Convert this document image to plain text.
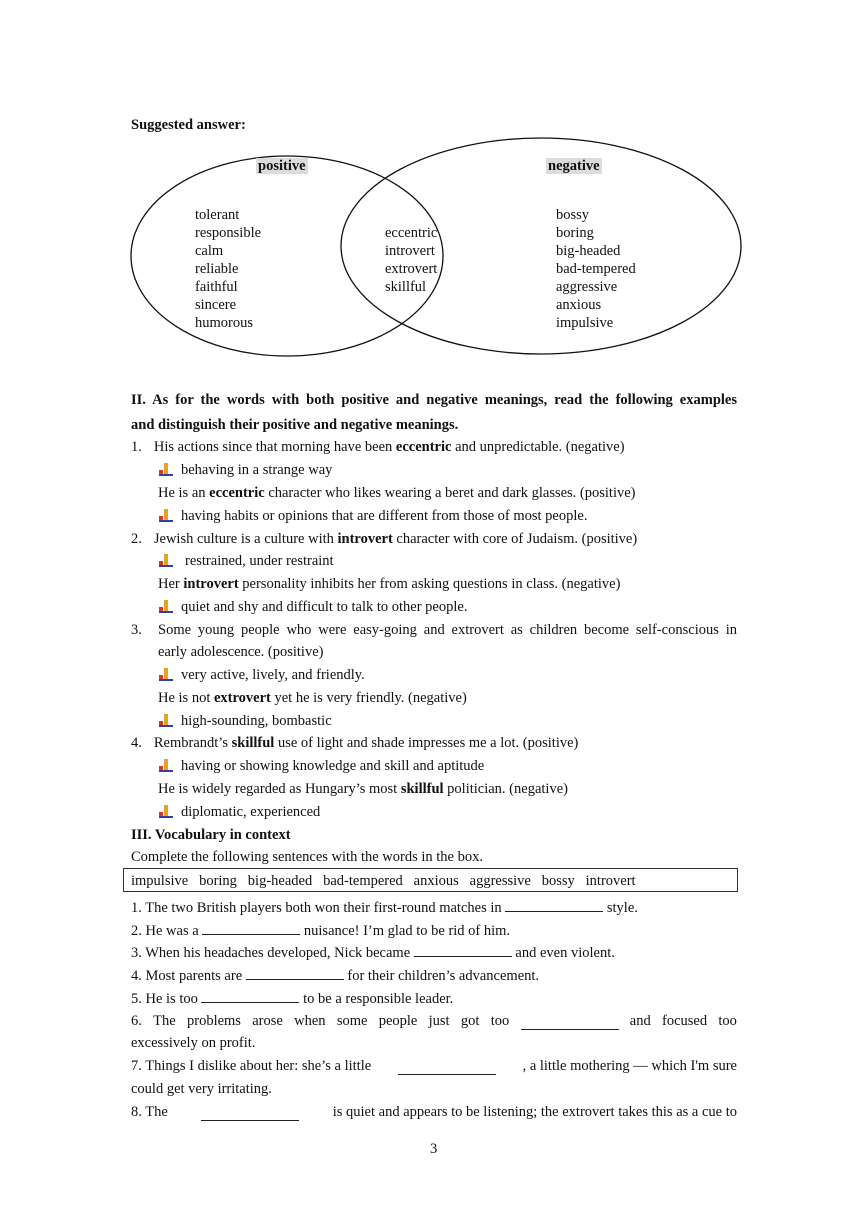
Suggested answer:
positive	negative
tolerant
responsible
calm
reliable
faithful
sincere
humorous
eccentric
introvert
extrovert
skillful
bossy
boring
big-headed
bad-tempered
aggressive
anxious
impulsive
II. As for the words with both positive and negative meanings, read the following examples
and distinguish their positive and negative meanings.
1. His actions since that morning have been eccentric and unpredictable. (negative)
behaving in a strange way
He is an eccentric character who likes wearing a beret and dark glasses. (positive)
having habits or opinions that are different from those of most people.
2. Jewish culture is a culture with introvert character with core of Judaism. (positive)
restrained, under restraint
Her introvert personality inhibits her from asking questions in class. (negative)
quiet and shy and difficult to talk to other people.
3. Some young people who were easy-going and extrovert as children become self-conscious in
early adolescence. (positive)
very active, lively, and friendly.
He is not extrovert yet he is very friendly. (negative)
high-sounding, bombastic
4. Rembrandt’s skillful use of light and shade impresses me a lot. (positive)
having or showing knowledge and skill and aptitude
He is widely regarded as Hungary’s most skillful politician. (negative)
diplomatic, experienced
III. Vocabulary in context
Complete the following sentences with the words in the box.
impulsive   boring   big-headed   bad-tempered   anxious   aggressive   bossy   introvert
1. The two British players both won their first-round matches in	style.
2. He was a	nuisance! I’m glad to be rid of him.
3. When his headaches developed, Nick became	and even violent.
4. Most parents are	for their children’s advancement.
5. He is too	to be a responsible leader.
6. The problems arose when some people just got too	and focused too
excessively on profit.
7. Things I dislike about her: she’s a little	, a little mothering — which I'm sure
could get very irritating.
8. The	is quiet and appears to be listening; the extrovert takes this as a cue to
3
